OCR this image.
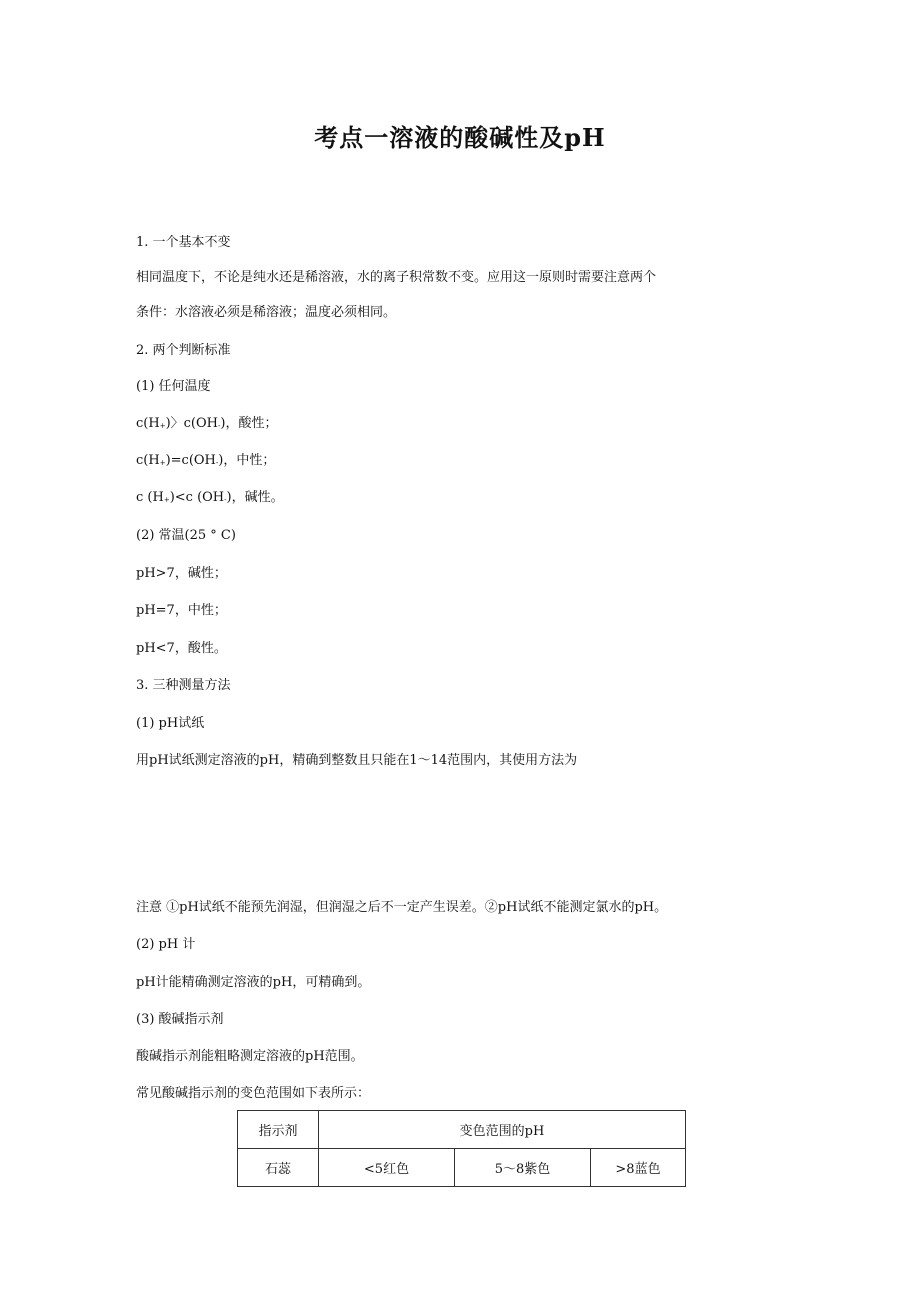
考点一溶液的酸碱性及pH
1. 一个基本不变
相同温度下，不论是纯水还是稀溶液，水的离子积常数不变。应用这一原则时需要注意两个
条件：水溶液必须是稀溶液；温度必须相同。
2. 两个判断标准
(1) 任何温度
c(H+)〉c(OH-)，酸性；
c(H+)=c(OH-)，中性；
c (H+)<c (OH-)，碱性。
(2) 常温(25 ° C)
pH>7，碱性；
pH=7，中性；
pH<7，酸性。
3. 三种测量方法
(1) pH试纸
用pH试纸测定溶液的pH，精确到整数且只能在1～14范围内，其使用方法为
注意 ①pH试纸不能预先润湿，但润湿之后不一定产生误差。②pH试纸不能测定氯水的pH。
(2) pH 计
pH计能精确测定溶液的pH，可精确到。
(3) 酸碱指示剂
酸碱指示剂能粗略测定溶液的pH范围。
常见酸碱指示剂的变色范围如下表所示：
指示剂	变色范围的pH		
石蕊	<5红色	5～8紫色	>8蓝色
